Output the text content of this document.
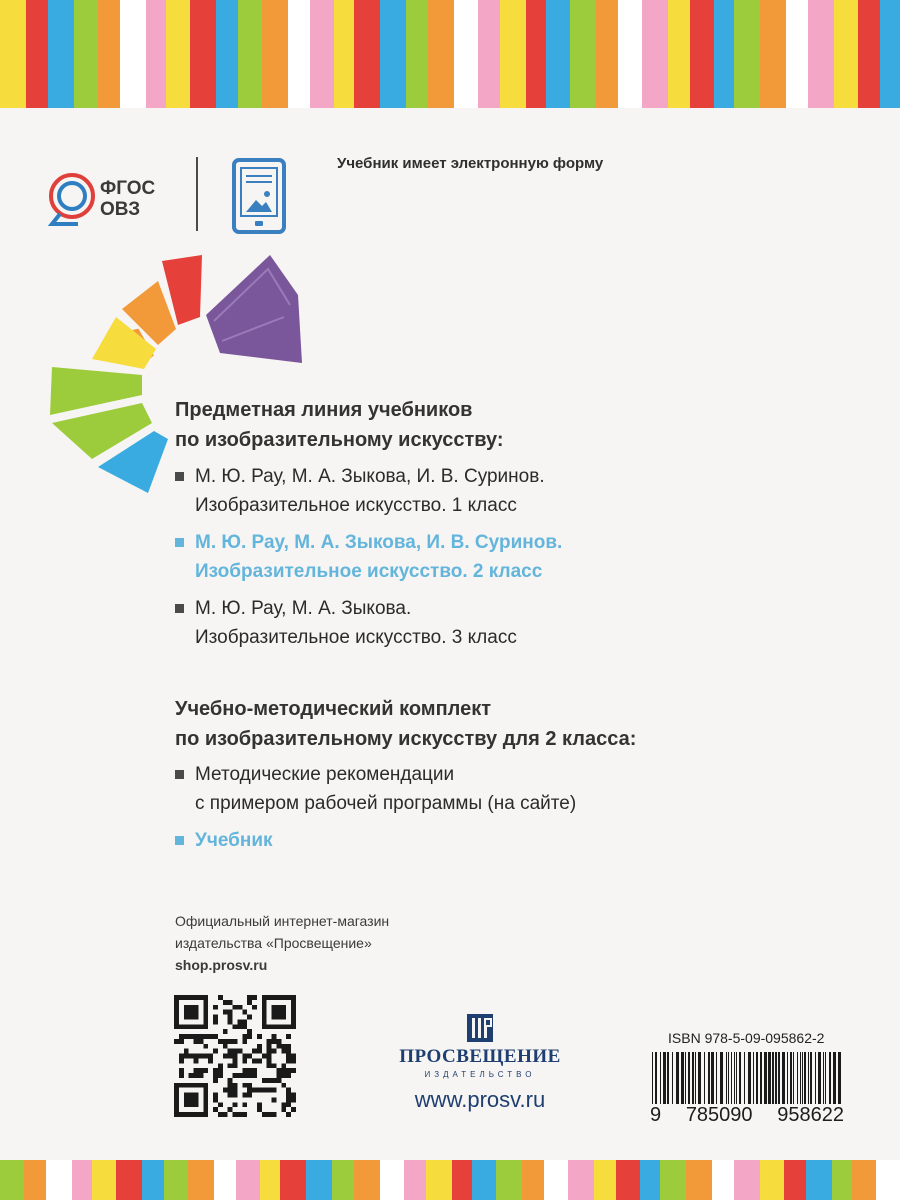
ФГОС
ОВЗ
Учебник имеет электронную форму
Предметная линия учебников
по изобразительному искусству:
М. Ю. Рау, М. А. Зыкова, И. В. Суринов.
Изобразительное искусство. 1 класс
М. Ю. Рау, М. А. Зыкова, И. В. Суринов.
Изобразительное искусство. 2 класс
М. Ю. Рау, М. А. Зыкова.
Изобразительное искусство. 3 класс
Учебно-методический комплект
по изобразительному искусству для 2 класса:
Методические рекомендации
с примером рабочей программы (на сайте)
Учебник
Официальный интернет-магазин
издательства «Просвещение»
shop.prosv.ru
ПРОСВЕЩЕНИЕ
ИЗДАТЕЛЬСТВО
www.prosv.ru
ISBN 978-5-09-095862-2
9 785090 958622
